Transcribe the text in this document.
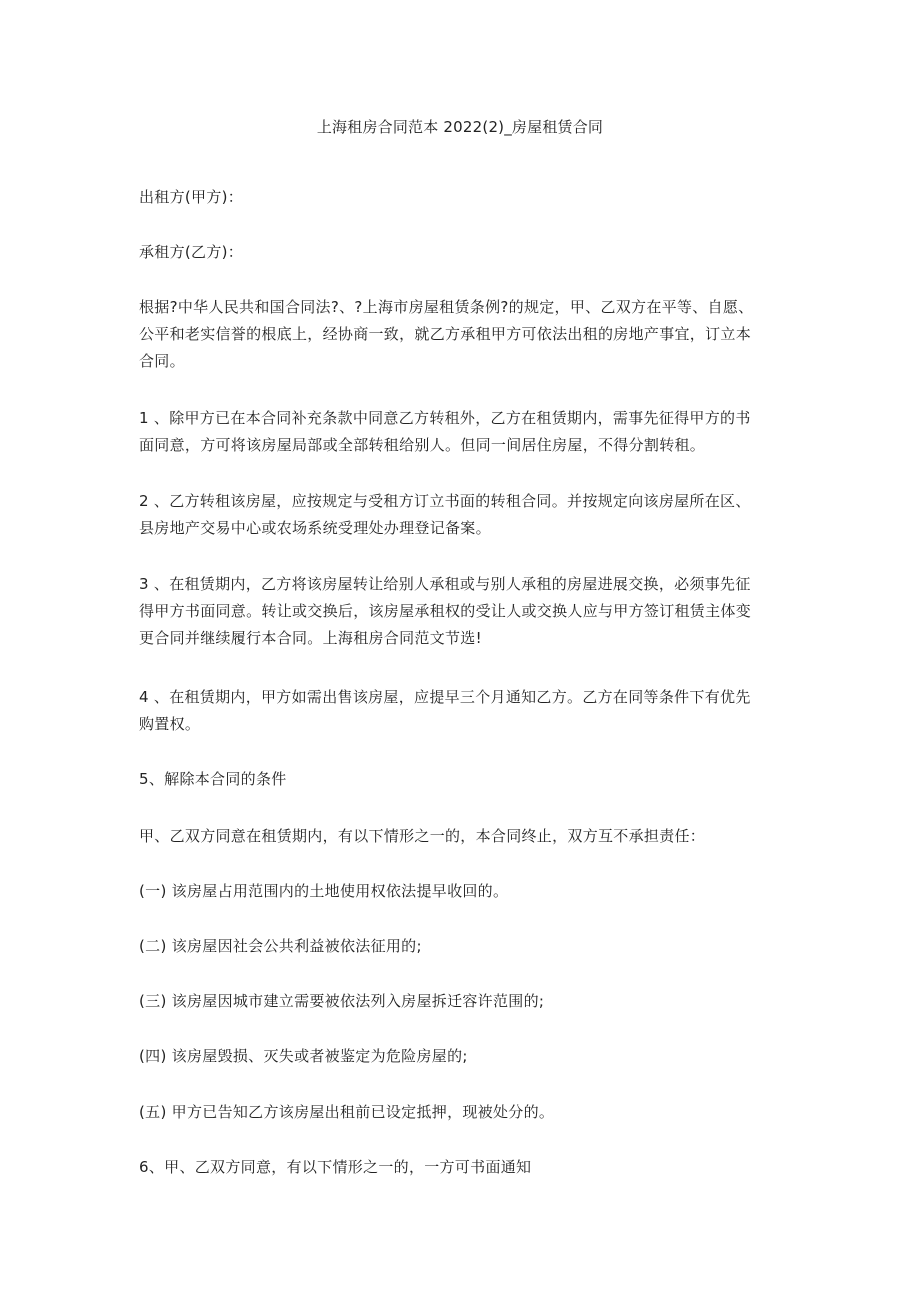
上海租房合同范本 2022(2)_房屋租赁合同
出租方(甲方)：
承租方(乙方)：
根据?中华人民共和国合同法?、?上海市房屋租赁条例?的规定，甲、乙双方在平等、自愿、
公平和老实信誉的根底上，经协商一致，就乙方承租甲方可依法出租的房地产事宜，订立本
合同。
1 、除甲方已在本合同补充条款中同意乙方转租外，乙方在租赁期内，需事先征得甲方的书
面同意，方可将该房屋局部或全部转租给别人。但同一间居住房屋，不得分割转租。
2 、乙方转租该房屋，应按规定与受租方订立书面的转租合同。并按规定向该房屋所在区、
县房地产交易中心或农场系统受理处办理登记备案。
3 、在租赁期内，乙方将该房屋转让给别人承租或与别人承租的房屋进展交换，必须事先征
得甲方书面同意。转让或交换后，该房屋承租权的受让人或交换人应与甲方签订租赁主体变
更合同并继续履行本合同。上海租房合同范文节选!
4 、在租赁期内，甲方如需出售该房屋，应提早三个月通知乙方。乙方在同等条件下有优先
购置权。
5、解除本合同的条件
甲、乙双方同意在租赁期内，有以下情形之一的，本合同终止，双方互不承担责任：
(一) 该房屋占用范围内的土地使用权依法提早收回的。
(二) 该房屋因社会公共利益被依法征用的;
(三) 该房屋因城市建立需要被依法列入房屋拆迁容许范围的;
(四) 该房屋毁损、灭失或者被鉴定为危险房屋的;
(五) 甲方已告知乙方该房屋出租前已设定抵押，现被处分的。
6、甲、乙双方同意，有以下情形之一的，一方可书面通知
